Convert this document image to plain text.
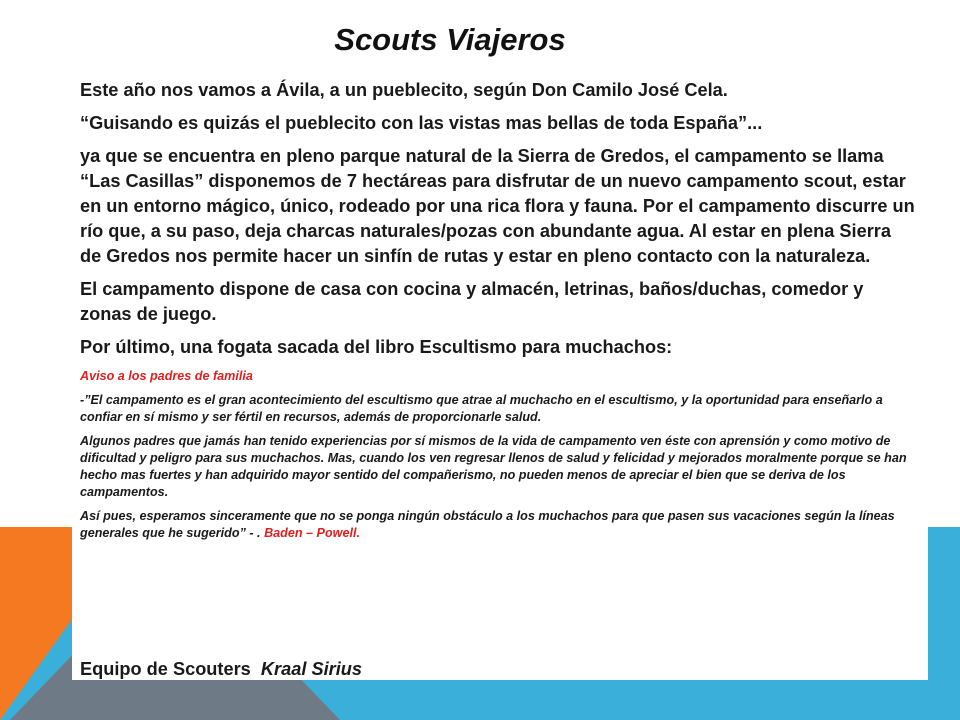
Scouts Viajeros

Este año nos vamos a Ávila, a un pueblecito, según Don Camilo José Cela.

“Guisando es quizás el pueblecito con las vistas mas bellas de toda España”...

ya que se encuentra en pleno parque natural de la Sierra de Gredos, el campamento se llama “Las Casillas” disponemos de 7 hectáreas para disfrutar de un nuevo campamento scout, estar en un entorno mágico, único, rodeado por una rica flora y fauna. Por el campamento discurre un río que, a su paso, deja charcas naturales/pozas con abundante agua. Al estar en plena Sierra de Gredos nos permite hacer un sinfín de rutas y estar en pleno contacto con la naturaleza.

El campamento dispone de casa con cocina y almacén, letrinas, baños/duchas, comedor y zonas de juego.

Por último, una fogata sacada del libro Escultismo para muchachos:

Aviso a los padres de familia

-”El campamento es el gran acontecimiento del escultismo que atrae al muchacho en el escultismo, y la oportunidad para enseñarlo a confiar en sí mismo y ser fértil en recursos, además de proporcionarle salud.

Algunos padres que jamás han tenido experiencias por sí mismos de la vida de campamento ven éste con aprensión y como motivo de dificultad y peligro para sus muchachos. Mas, cuando los ven regresar llenos de salud y felicidad y mejorados moralmente porque se han hecho mas fuertes y han adquirido mayor sentido del compañerismo, no pueden menos de apreciar el bien que se deriva de los campamentos.

Así pues, esperamos sinceramente que no se ponga ningún obstáculo a los muchachos para que pasen sus vacaciones según la líneas generales que he sugerido” - . Baden – Powell.

Equipo de Scouters Kraal Sirius
